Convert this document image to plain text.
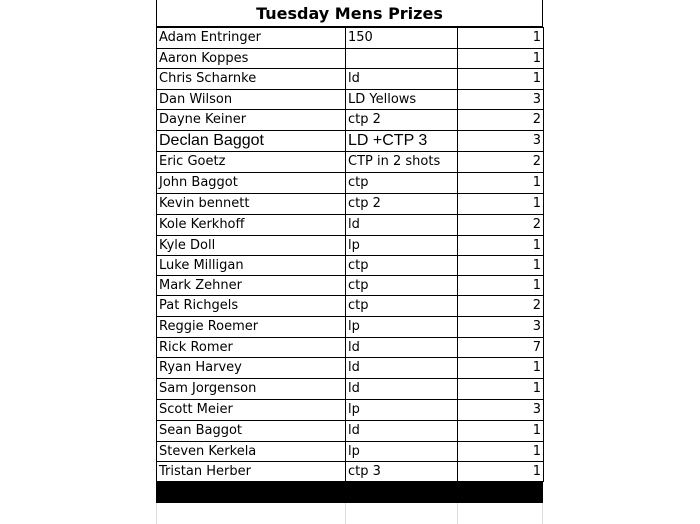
Tuesday Mens Prizes
Adam Entringer	150	1
Aaron Koppes		1
Chris Scharnke	ld	1
Dan Wilson	LD Yellows	3
Dayne Keiner	ctp 2	2
Declan Baggot	LD +CTP 3	3
Eric Goetz	CTP in 2 shots	2
John Baggot	ctp	1
Kevin bennett	ctp 2	1
Kole Kerkhoff	ld	2
Kyle Doll	lp	1
Luke Milligan	ctp	1
Mark Zehner	ctp	1
Pat Richgels	ctp	2
Reggie Roemer	lp	3
Rick Romer	ld	7
Ryan Harvey	ld	1
Sam Jorgenson	ld	1
Scott Meier	lp	3
Sean Baggot	ld	1
Steven Kerkela	lp	1
Tristan Herber	ctp 3	1
